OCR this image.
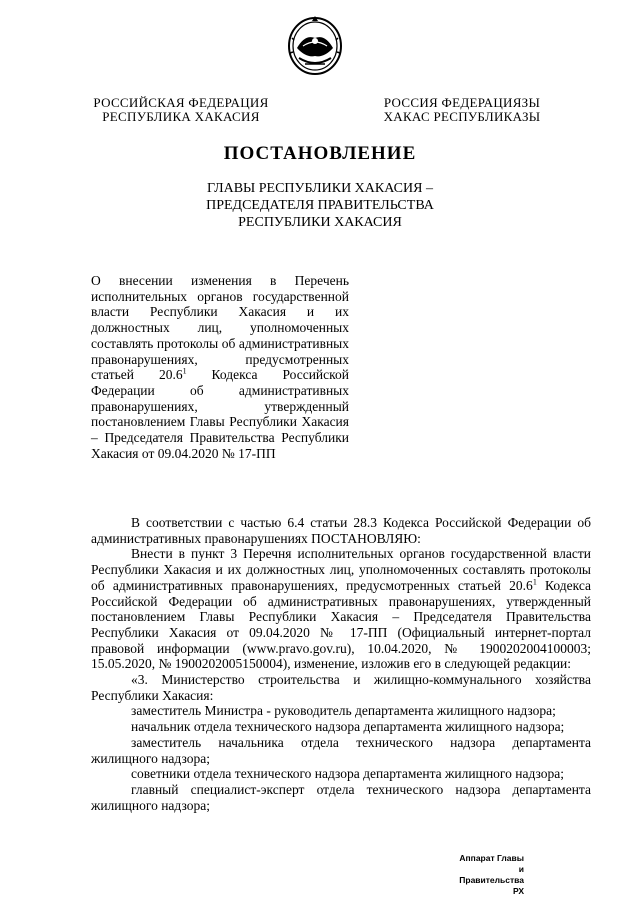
РОССИЙСКАЯ ФЕДЕРАЦИЯ
РЕСПУБЛИКА ХАКАСИЯ
РОССИЯ ФЕДЕРАЦИЯЗЫ
ХАКАС РЕСПУБЛИКАЗЫ
ПОСТАНОВЛЕНИЕ
ГЛАВЫ РЕСПУБЛИКИ ХАКАСИЯ –
ПРЕДСЕДАТЕЛЯ ПРАВИТЕЛЬСТВА
РЕСПУБЛИКИ ХАКАСИЯ
О внесении изменения в Перечень исполнительных органов государственной власти Республики Хакасия и их должностных лиц, уполномоченных составлять протоколы об административных правонарушениях, предусмотренных статьей 20.6$^1$ Кодекса Российской Федерации об административных правонарушениях, утвержденный постановлением Главы Республики Хакасия – Председателя Правительства Республики Хакасия от 09.04.2020 № 17-ПП

В соответствии с частью 6.4 статьи 28.3 Кодекса Российской Федерации об административных правонарушениях ПОСТАНОВЛЯЮ:

Внести в пункт 3 Перечня исполнительных органов государственной власти Республики Хакасия и их должностных лиц, уполномоченных составлять протоколы об административных правонарушениях, предусмотренных статьей 20.6$^1$ Кодекса Российской Федерации об административных правонарушениях, утвержденный постановлением Главы Республики Хакасия – Председателя Правительства Республики Хакасия от 09.04.2020 № 17-ПП (Официальный интернет-портал правовой информации (www.pravo.gov.ru), 10.04.2020, № 1900202004100003; 15.05.2020, № 1900202005150004), изменение, изложив его в следующей редакции:

«3. Министерство строительства и жилищно-коммунального хозяйства Республики Хакасия:

заместитель Министра - руководитель департамента жилищного надзора;

начальник отдела технического надзора департамента жилищного надзора;

заместитель начальника отдела технического надзора департамента жилищного надзора;

советники отдела технического надзора департамента жилищного надзора;

главный специалист-эксперт отдела технического надзора департамента жилищного надзора;

Аппарат Главы
и Правительства РХ
